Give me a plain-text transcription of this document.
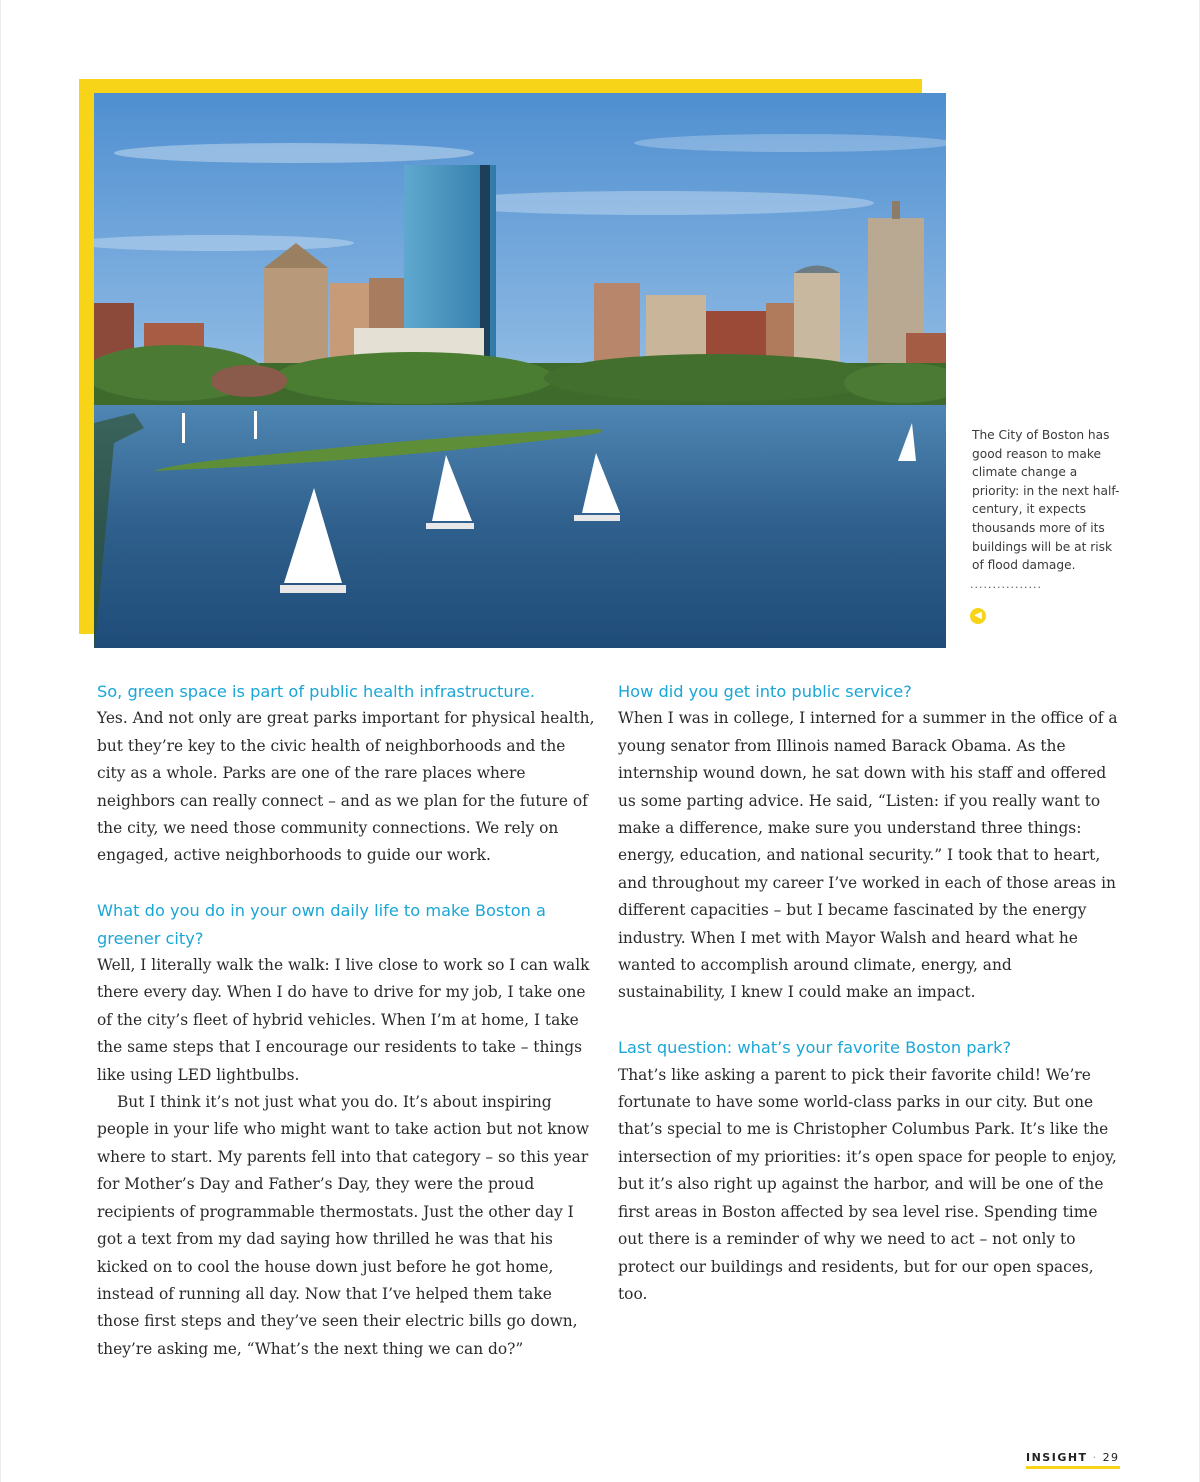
The City of Boston has good reason to make climate change a priority: in the next half-century, it expects thousands more of its buildings will be at risk of flood damage.
................
◀
So, green space is part of public health infrastructure.

Yes. And not only are great parks important for physical health, but they’re key to the civic health of neighborhoods and the city as a whole. Parks are one of the rare places where neighbors can really connect – and as we plan for the future of the city, we need those community connections. We rely on engaged, active neighborhoods to guide our work.

What do you do in your own daily life to make Boston a greener city?

Well, I literally walk the walk: I live close to work so I can walk there every day. When I do have to drive for my job, I take one of the city’s fleet of hybrid vehicles. When I’m at home, I take the same steps that I encourage our residents to take – things like using LED lightbulbs.

But I think it’s not just what you do. It’s about inspiring people in your life who might want to take action but not know where to start. My parents fell into that category – so this year for Mother’s Day and Father’s Day, they were the proud recipients of programmable thermostats. Just the other day I got a text from my dad saying how thrilled he was that his kicked on to cool the house down just before he got home, instead of running all day. Now that I’ve helped them take those first steps and they’ve seen their electric bills go down, they’re asking me, “What’s the next thing we can do?”

How did you get into public service?

When I was in college, I interned for a summer in the office of a young senator from Illinois named Barack Obama. As the internship wound down, he sat down with his staff and offered us some parting advice. He said, “Listen: if you really want to make a difference, make sure you understand three things: energy, education, and national security.” I took that to heart, and throughout my career I’ve worked in each of those areas in different capacities – but I became fascinated by the energy industry. When I met with Mayor Walsh and heard what he wanted to accomplish around climate, energy, and sustainability, I knew I could make an impact.

Last question: what’s your favorite Boston park?

That’s like asking a parent to pick their favorite child! We’re fortunate to have some world-class parks in our city. But one that’s special to me is Christopher Columbus Park. It’s like the intersection of my priorities: it’s open space for people to enjoy, but it’s also right up against the harbor, and will be one of the first areas in Boston affected by sea level rise. Spending time out there is a reminder of why we need to act – not only to protect our buildings and residents, but for our open spaces, too.

INSIGHT · 29
